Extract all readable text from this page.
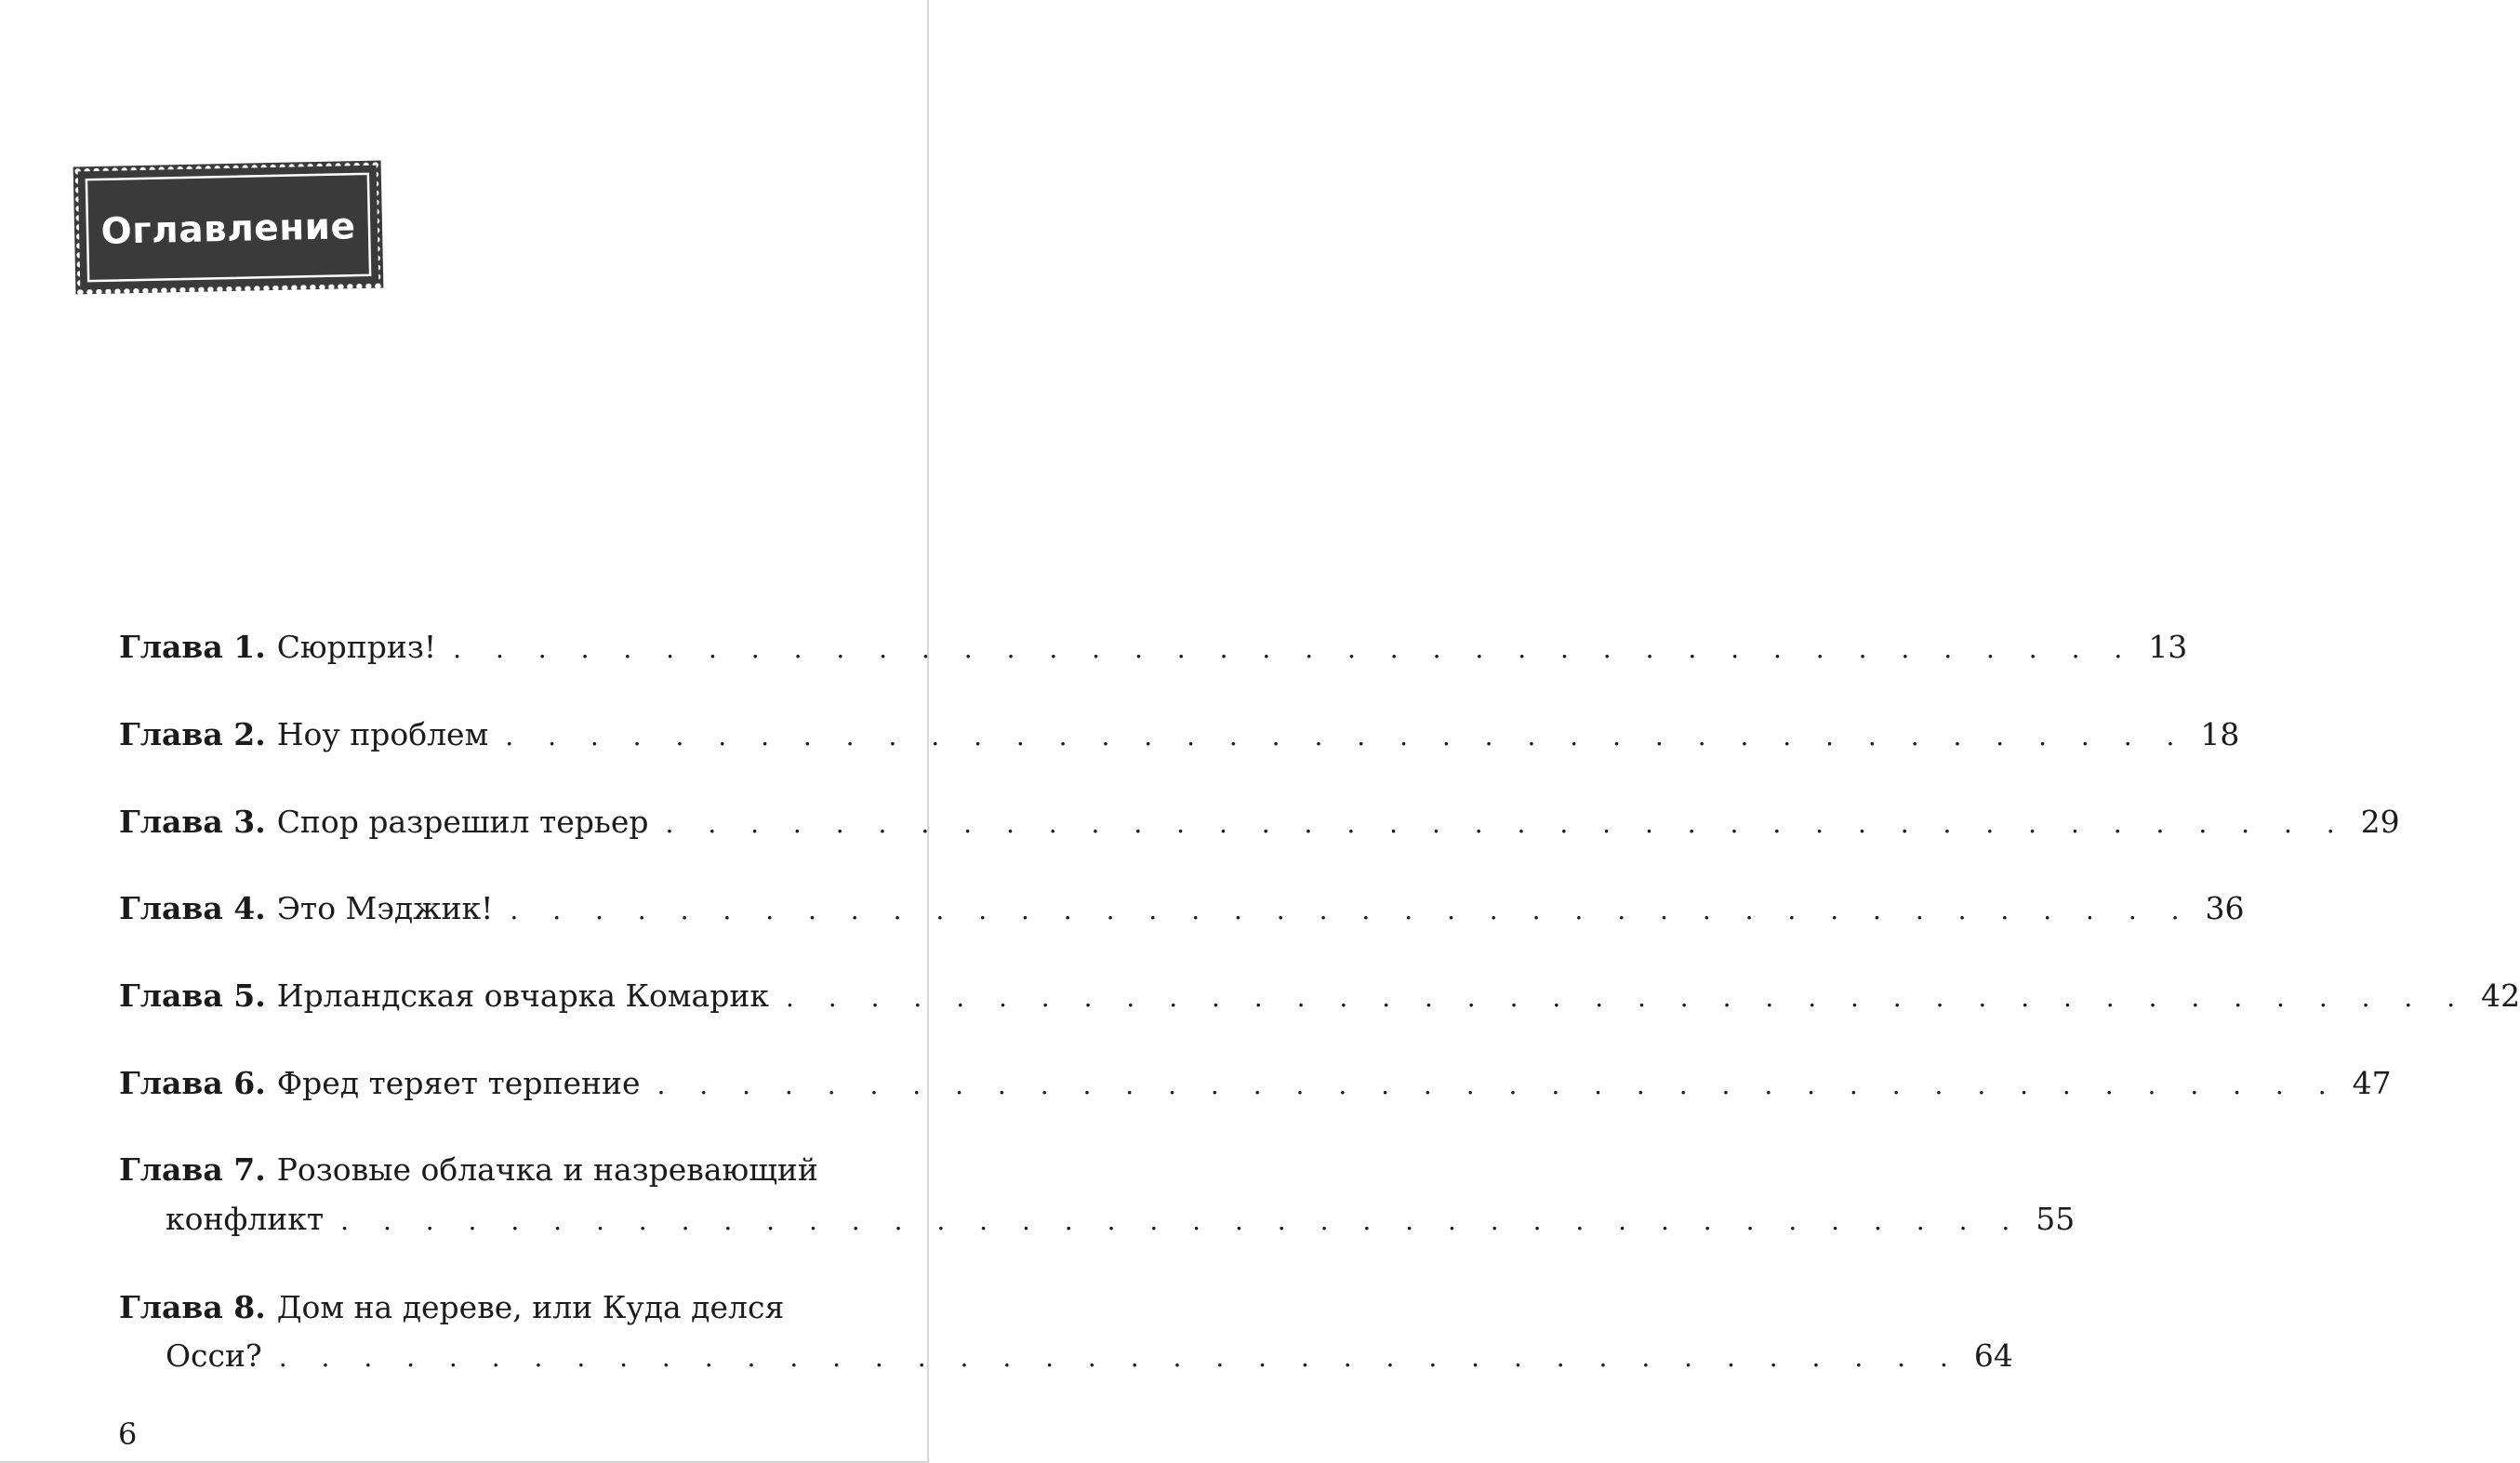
Оглавление
Глава 1. Сюрприз! . . . . . . . . . . . . . . . . . . . . . . . . . . . . . . . . . . . . . . . . 13
Глава 2. Ноу проблем . . . . . . . . . . . . . . . . . . . . . . . . . . . . . . . . . . . . . . . . 18
Глава 3. Спор разрешил терьер . . . . . . . . . . . . . . . . . . . . . . . . . . . . . . . . . . . . . . . . 29
Глава 4. Это Мэджик! . . . . . . . . . . . . . . . . . . . . . . . . . . . . . . . . . . . . . . . . 36
Глава 5. Ирландская овчарка Комарик . . . . . . . . . . . . . . . . . . . . . . . . . . . . . . . . . . . . . . . . 42
Глава 6. Фред теряет терпение . . . . . . . . . . . . . . . . . . . . . . . . . . . . . . . . . . . . . . . . 47
Глава 7. Розовые облачка и назревающий
конфликт . . . . . . . . . . . . . . . . . . . . . . . . . . . . . . . . . . . . . . . . 55
Глава 8. Дом на дереве, или Куда делся
Осси? . . . . . . . . . . . . . . . . . . . . . . . . . . . . . . . . . . . . . . . . 64
6
